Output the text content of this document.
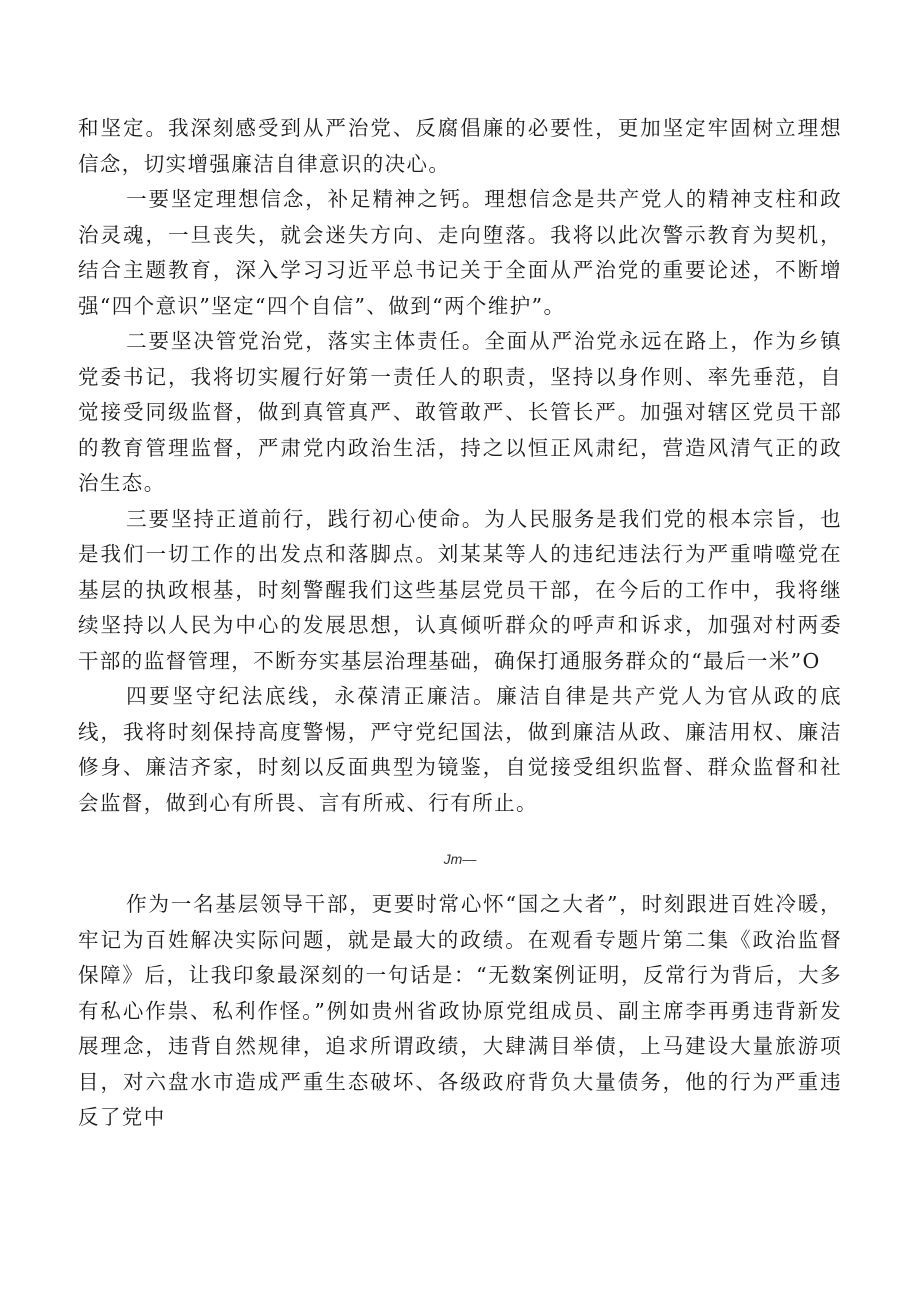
和坚定。我深刻感受到从严治党、反腐倡廉的必要性，更加坚定牢固树立理想信念，切实增强廉洁自律意识的决心。

一要坚定理想信念，补足精神之钙。理想信念是共产党人的精神支柱和政治灵魂，一旦丧失，就会迷失方向、走向堕落。我将以此次警示教育为契机，结合主题教育，深入学习习近平总书记关于全面从严治党的重要论述，不断增强“四个意识”坚定“四个自信”、做到“两个维护”。

二要坚决管党治党，落实主体责任。全面从严治党永远在路上，作为乡镇党委书记，我将切实履行好第一责任人的职责，坚持以身作则、率先垂范，自觉接受同级监督，做到真管真严、敢管敢严、长管长严。加强对辖区党员干部的教育管理监督，严肃党内政治生活，持之以恒正风肃纪，营造风清气正的政治生态。

三要坚持正道前行，践行初心使命。为人民服务是我们党的根本宗旨，也是我们一切工作的出发点和落脚点。刘某某等人的违纪违法行为严重啃噬党在基层的执政根基，时刻警醒我们这些基层党员干部，在今后的工作中，我将继续坚持以人民为中心的发展思想，认真倾听群众的呼声和诉求，加强对村两委干部的监督管理，不断夯实基层治理基础，确保打通服务群众的“最后一米”O

四要坚守纪法底线，永葆清正廉洁。廉洁自律是共产党人为官从政的底线，我将时刻保持高度警惕，严守党纪国法，做到廉洁从政、廉洁用权、廉洁修身、廉洁齐家，时刻以反面典型为镜鉴，自觉接受组织监督、群众监督和社会监督，做到心有所畏、言有所戒、行有所止。

Jm—

作为一名基层领导干部，更要时常心怀“国之大者”，时刻跟进百姓冷暖，牢记为百姓解决实际问题，就是最大的政绩。在观看专题片第二集《政治监督保障》后，让我印象最深刻的一句话是：“无数案例证明，反常行为背后，大多有私心作祟、私利作怪。”例如贵州省政协原党组成员、副主席李再勇违背新发展理念，违背自然规律，追求所谓政绩，大肆满目举债，上马建设大量旅游项目，对六盘水市造成严重生态破坏、各级政府背负大量债务，他的行为严重违反了党中
